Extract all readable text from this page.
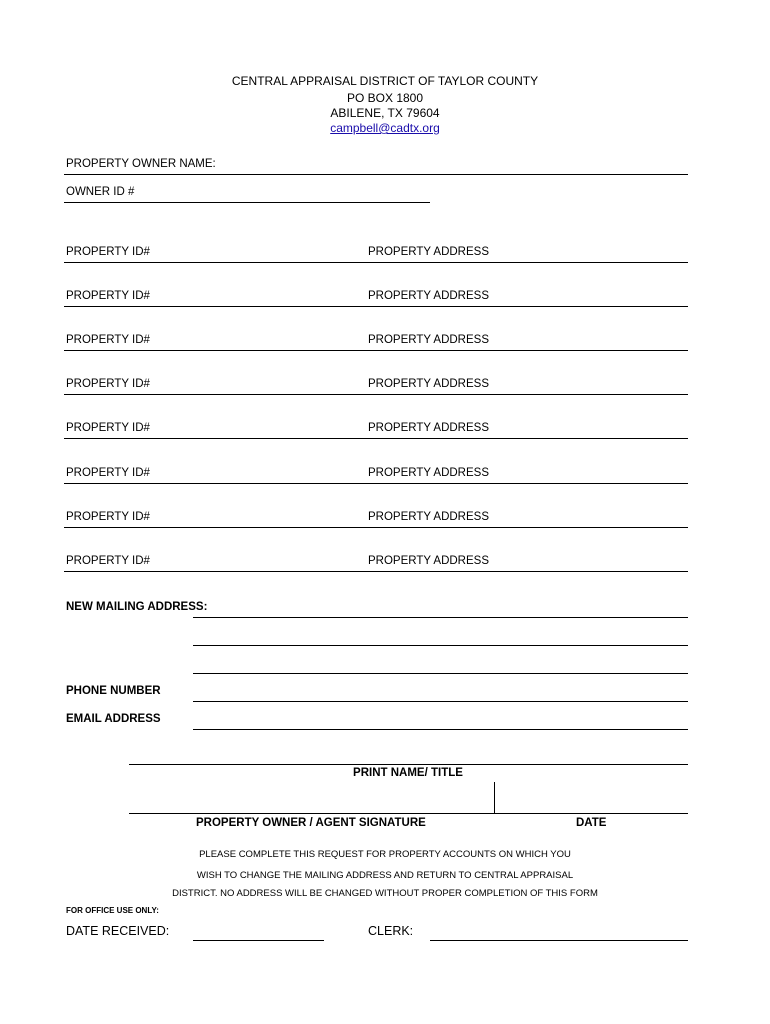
CENTRAL APPRAISAL DISTRICT OF TAYLOR COUNTY
PO BOX 1800
ABILENE, TX 79604
campbell@cadtx.org
PROPERTY OWNER NAME:
OWNER ID #
PROPERTY ID#	PROPERTY ADDRESS
PROPERTY ID#	PROPERTY ADDRESS
PROPERTY ID#	PROPERTY ADDRESS
PROPERTY ID#	PROPERTY ADDRESS
PROPERTY ID#	PROPERTY ADDRESS
PROPERTY ID#	PROPERTY ADDRESS
PROPERTY ID#	PROPERTY ADDRESS
PROPERTY ID#	PROPERTY ADDRESS
NEW MAILING ADDRESS:
PHONE NUMBER
EMAIL ADDRESS
PRINT NAME/ TITLE
PROPERTY OWNER / AGENT SIGNATURE	DATE
PLEASE COMPLETE THIS REQUEST FOR PROPERTY ACCOUNTS ON WHICH YOU
WISH TO CHANGE THE MAILING ADDRESS AND RETURN TO CENTRAL APPRAISAL
DISTRICT. NO ADDRESS WILL BE CHANGED WITHOUT PROPER COMPLETION OF THIS FORM
FOR OFFICE USE ONLY:
DATE RECEIVED:	CLERK:
